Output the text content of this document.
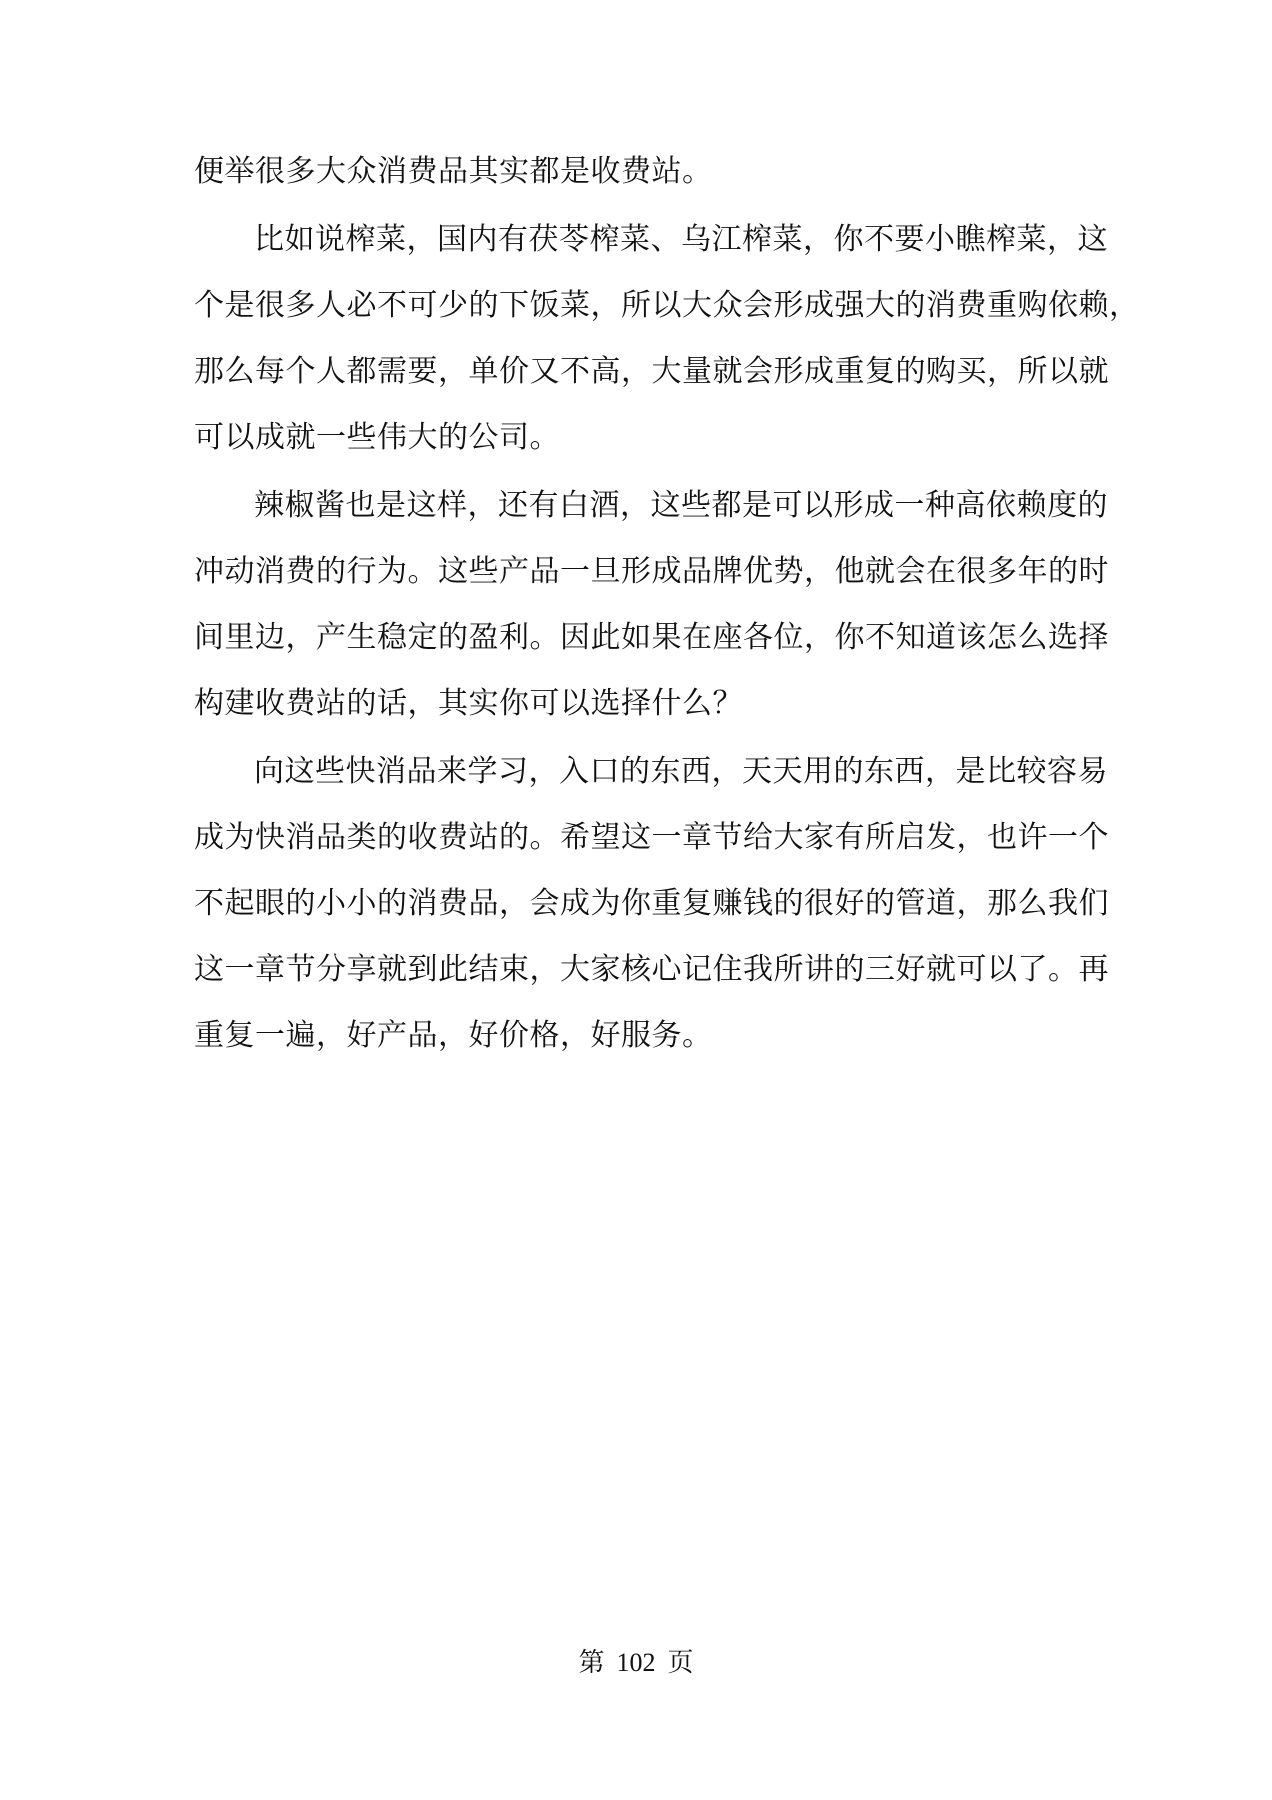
便举很多大众消费品其实都是收费站。
比如说榨菜，国内有茯苓榨菜、乌江榨菜，你不要小瞧榨菜，这
个是很多人必不可少的下饭菜，所以大众会形成强大的消费重购依赖，
那么每个人都需要，单价又不高，大量就会形成重复的购买，所以就
可以成就一些伟大的公司。
辣椒酱也是这样，还有白酒，这些都是可以形成一种高依赖度的
冲动消费的行为。这些产品一旦形成品牌优势，他就会在很多年的时
间里边，产生稳定的盈利。因此如果在座各位，你不知道该怎么选择
构建收费站的话，其实你可以选择什么？
向这些快消品来学习，入口的东西，天天用的东西，是比较容易
成为快消品类的收费站的。希望这一章节给大家有所启发，也许一个
不起眼的小小的消费品，会成为你重复赚钱的很好的管道，那么我们
这一章节分享就到此结束，大家核心记住我所讲的三好就可以了。再
重复一遍，好产品，好价格，好服务。
第 102 页
